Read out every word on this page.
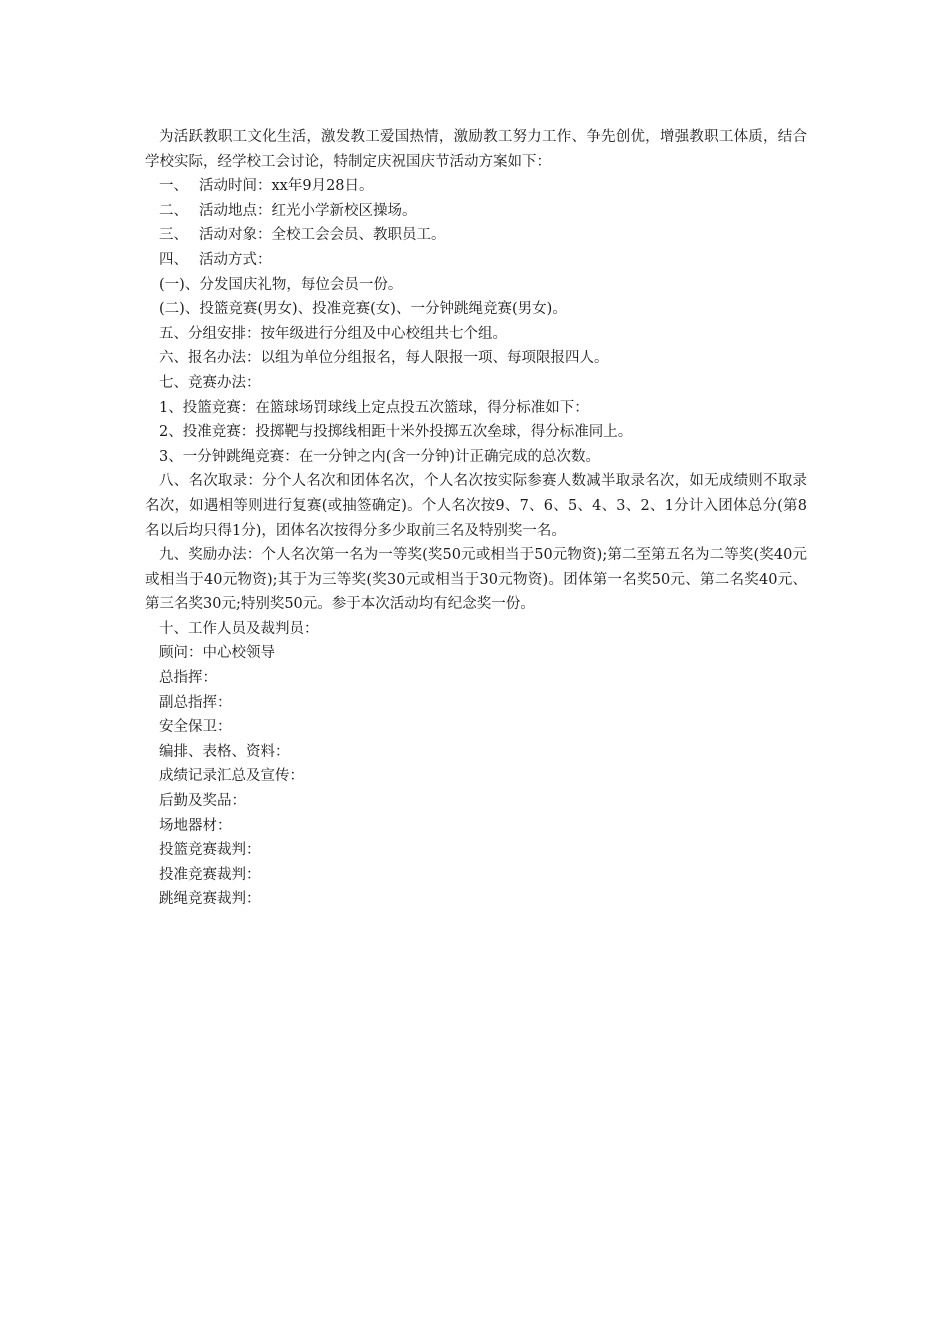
为活跃教职工文化生活，激发教工爱国热情，激励教工努力工作、争先创优，增强教职工体质，结合学校实际，经学校工会讨论，特制定庆祝国庆节活动方案如下：

一、 活动时间：xx年9月28日。

二、 活动地点：红光小学新校区操场。

三、 活动对象：全校工会会员、教职员工。

四、 活动方式：

(一)、分发国庆礼物，每位会员一份。

(二)、投篮竞赛(男女)、投准竞赛(女)、一分钟跳绳竞赛(男女)。

五、分组安排：按年级进行分组及中心校组共七个组。

六、报名办法：以组为单位分组报名，每人限报一项、每项限报四人。

七、竞赛办法：

1、投篮竞赛：在篮球场罚球线上定点投五次篮球，得分标准如下：

2、投准竞赛：投掷靶与投掷线相距十米外投掷五次垒球，得分标准同上。

3、一分钟跳绳竞赛：在一分钟之内(含一分钟)计正确完成的总次数。

八、名次取录：分个人名次和团体名次，个人名次按实际参赛人数减半取录名次，如无成绩则不取录名次，如遇相等则进行复赛(或抽签确定)。个人名次按9、7、6、5、4、3、2、1分计入团体总分(第8名以后均只得1分)，团体名次按得分多少取前三名及特别奖一名。

九、奖励办法：个人名次第一名为一等奖(奖50元或相当于50元物资);第二至第五名为二等奖(奖40元或相当于40元物资);其于为三等奖(奖30元或相当于30元物资)。团体第一名奖50元、第二名奖40元、第三名奖30元;特别奖50元。参于本次活动均有纪念奖一份。

十、工作人员及裁判员：

顾问：中心校领导

总指挥：

副总指挥：

安全保卫：

编排、表格、资料：

成绩记录汇总及宣传：

后勤及奖品：

场地器材：

投篮竞赛裁判：

投准竞赛裁判：

跳绳竞赛裁判：
